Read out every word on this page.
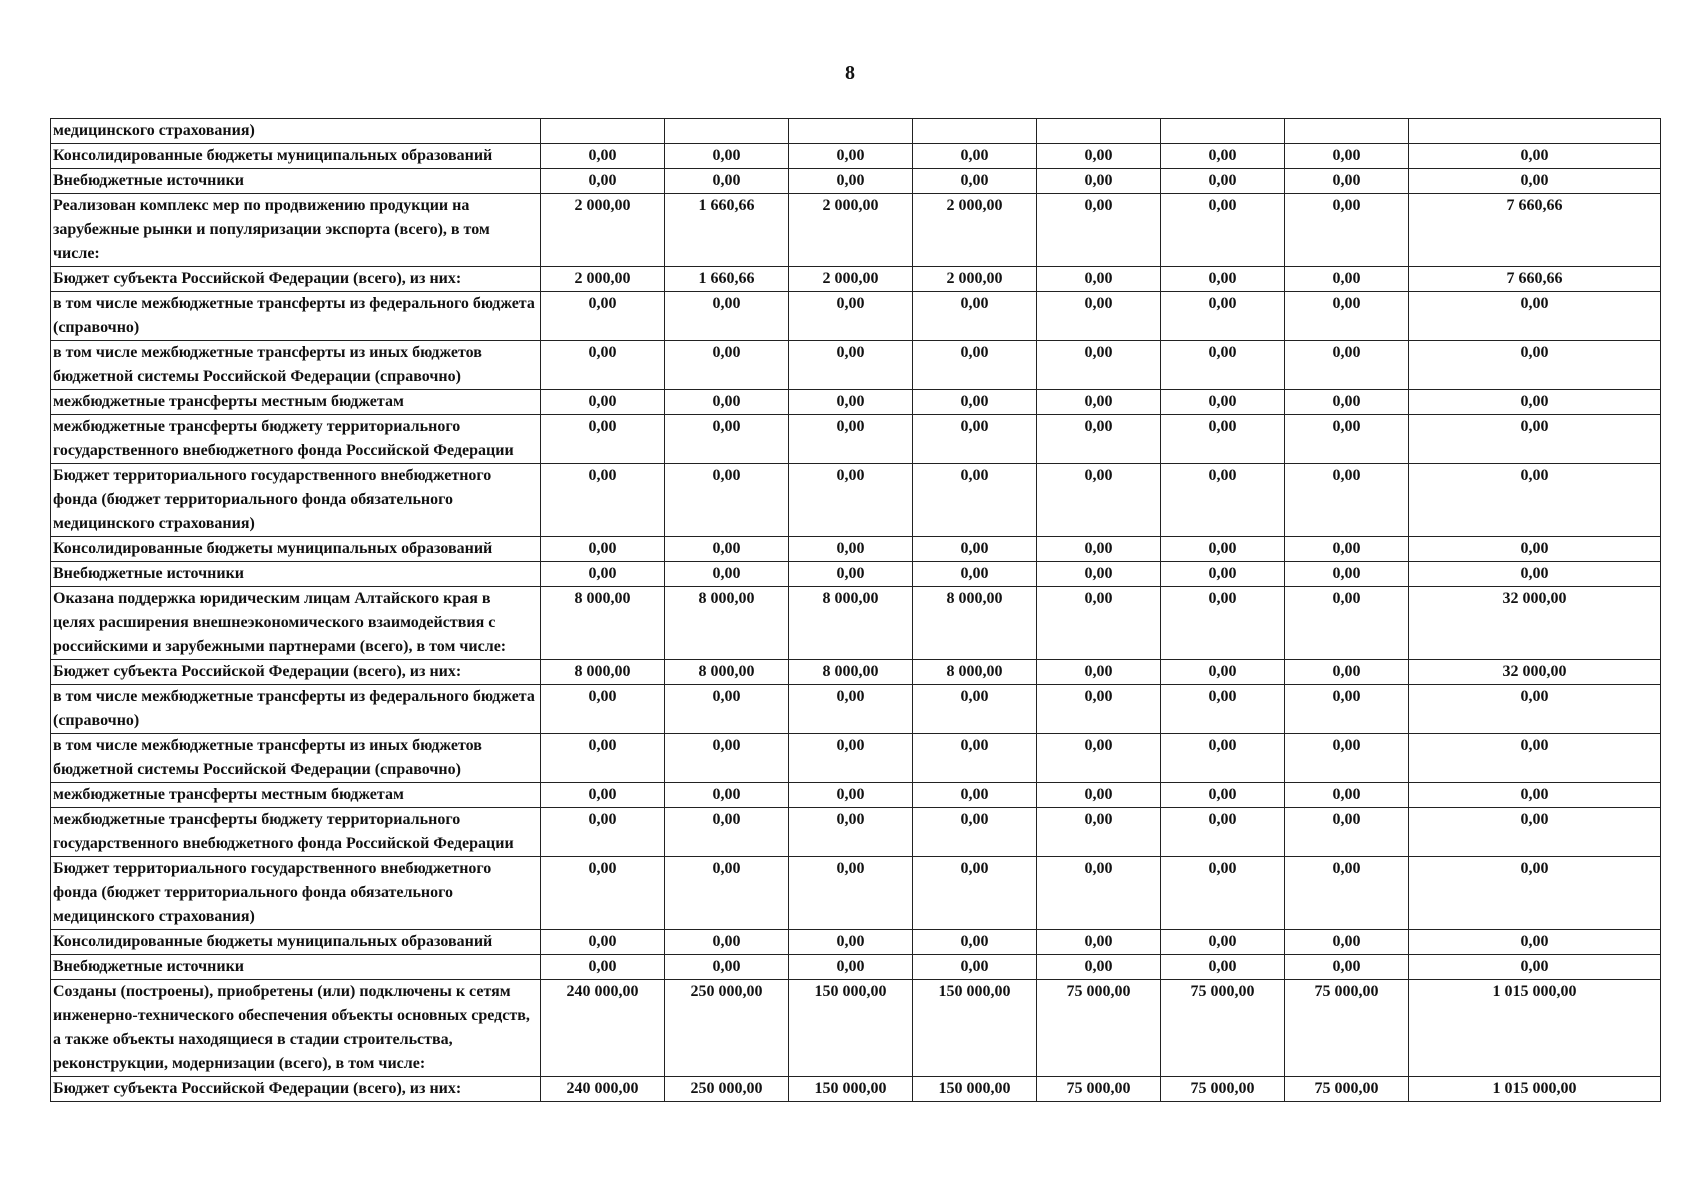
8
медицинского страхования)								
Консолидированные бюджеты муниципальных образований	0,00	0,00	0,00	0,00	0,00	0,00	0,00	0,00
Внебюджетные источники	0,00	0,00	0,00	0,00	0,00	0,00	0,00	0,00
Реализован комплекс мер по продвижению продукции на зарубежные рынки и популяризации экспорта (всего), в том числе:	2 000,00	1 660,66	2 000,00	2 000,00	0,00	0,00	0,00	7 660,66
Бюджет субъекта Российской Федерации (всего), из них:	2 000,00	1 660,66	2 000,00	2 000,00	0,00	0,00	0,00	7 660,66
в том числе межбюджетные трансферты из федерального бюджета (справочно)	0,00	0,00	0,00	0,00	0,00	0,00	0,00	0,00
в том числе межбюджетные трансферты из иных бюджетов бюджетной системы Российской Федерации (справочно)	0,00	0,00	0,00	0,00	0,00	0,00	0,00	0,00
межбюджетные трансферты местным бюджетам	0,00	0,00	0,00	0,00	0,00	0,00	0,00	0,00
межбюджетные трансферты бюджету территориального государственного внебюджетного фонда Российской Федерации	0,00	0,00	0,00	0,00	0,00	0,00	0,00	0,00
Бюджет территориального государственного внебюджетного фонда (бюджет территориального фонда обязательного медицинского страхования)	0,00	0,00	0,00	0,00	0,00	0,00	0,00	0,00
Консолидированные бюджеты муниципальных образований	0,00	0,00	0,00	0,00	0,00	0,00	0,00	0,00
Внебюджетные источники	0,00	0,00	0,00	0,00	0,00	0,00	0,00	0,00
Оказана поддержка юридическим лицам Алтайского края в целях расширения внешнеэкономического взаимодействия с российскими и зарубежными партнерами (всего), в том числе:	8 000,00	8 000,00	8 000,00	8 000,00	0,00	0,00	0,00	32 000,00
Бюджет субъекта Российской Федерации (всего), из них:	8 000,00	8 000,00	8 000,00	8 000,00	0,00	0,00	0,00	32 000,00
в том числе межбюджетные трансферты из федерального бюджета (справочно)	0,00	0,00	0,00	0,00	0,00	0,00	0,00	0,00
в том числе межбюджетные трансферты из иных бюджетов бюджетной системы Российской Федерации (справочно)	0,00	0,00	0,00	0,00	0,00	0,00	0,00	0,00
межбюджетные трансферты местным бюджетам	0,00	0,00	0,00	0,00	0,00	0,00	0,00	0,00
межбюджетные трансферты бюджету территориального государственного внебюджетного фонда Российской Федерации	0,00	0,00	0,00	0,00	0,00	0,00	0,00	0,00
Бюджет территориального государственного внебюджетного фонда (бюджет территориального фонда обязательного медицинского страхования)	0,00	0,00	0,00	0,00	0,00	0,00	0,00	0,00
Консолидированные бюджеты муниципальных образований	0,00	0,00	0,00	0,00	0,00	0,00	0,00	0,00
Внебюджетные источники	0,00	0,00	0,00	0,00	0,00	0,00	0,00	0,00
Созданы (построены), приобретены (или) подключены к сетям инженерно-технического обеспечения объекты основных средств, а также объекты находящиеся в стадии строительства, реконструкции, модернизации (всего), в том числе:	240 000,00	250 000,00	150 000,00	150 000,00	75 000,00	75 000,00	75 000,00	1 015 000,00
Бюджет субъекта Российской Федерации (всего), из них:	240 000,00	250 000,00	150 000,00	150 000,00	75 000,00	75 000,00	75 000,00	1 015 000,00
